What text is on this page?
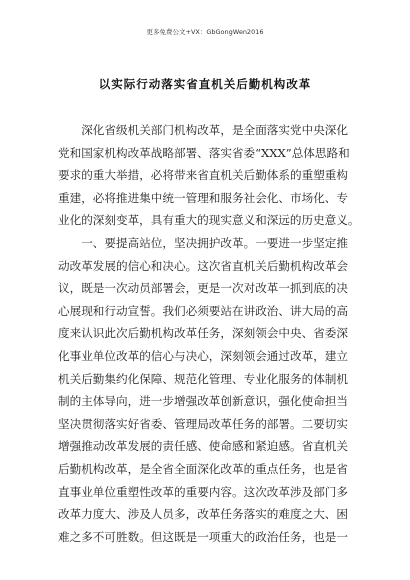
更多免费公文+VX：GbGongWen2016
以实际行动落实省直机关后勤机构改革
　　深化省级机关部门机构改革，是全面落实党中央深化
党和国家机构改革战略部署、落实省委“XXX”总体思路和
要求的重大举措，必将带来省直机关后勤体系的重塑重构
重建，必将推进集中统一管理和服务社会化、市场化、专
业化的深刻变革，具有重大的现实意义和深远的历史意义。
　　一、要提高站位，坚决拥护改革。一要进一步坚定推
动改革发展的信心和决心。这次省直机关后勤机构改革会
议，既是一次动员部署会，更是一次对改革一抓到底的决
心展现和行动宣誓。我们必须要站在讲政治、讲大局的高
度来认识此次后勤机构改革任务，深刻领会中央、省委深
化事业单位改革的信心与决心，深刻领会通过改革，建立
机关后勤集约化保障、规范化管理、专业化服务的体制机
制的主体导向，进一步增强改革创新意识，强化使命担当
坚决贯彻落实好省委、管理局改革任务的部署。二要切实
增强推动改革发展的责任感、使命感和紧迫感。省直机关
后勤机构改革，是全省全面深化改革的重点任务，也是省
直事业单位重塑性改革的重要内容。这次改革涉及部门多
改革力度大、涉及人员多，改革任务落实的难度之大、困
难之多不可胜数。但这既是一项重大的政治任务，也是一
